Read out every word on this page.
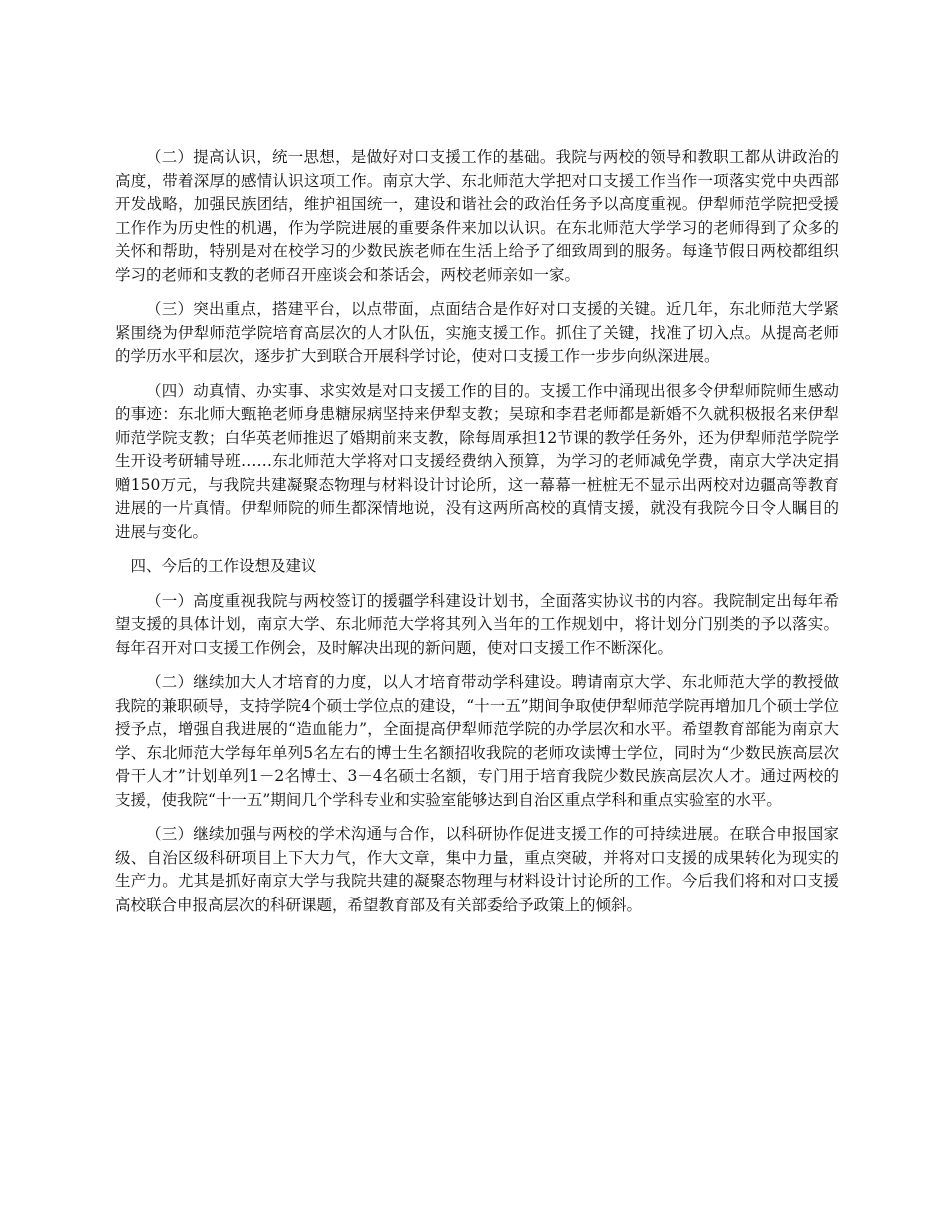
（二）提高认识，统一思想，是做好对口支援工作的基础。我院与两校的领导和教职工都从讲政治的高度，带着深厚的感情认识这项工作。南京大学、东北师范大学把对口支援工作当作一项落实党中央西部开发战略，加强民族团结，维护祖国统一，建设和谐社会的政治任务予以高度重视。伊犁师范学院把受援工作作为历史性的机遇，作为学院进展的重要条件来加以认识。在东北师范大学学习的老师得到了众多的关怀和帮助，特别是对在校学习的少数民族老师在生活上给予了细致周到的服务。每逢节假日两校都组织学习的老师和支教的老师召开座谈会和茶话会，两校老师亲如一家。

（三）突出重点，搭建平台，以点带面，点面结合是作好对口支援的关键。近几年，东北师范大学紧紧围绕为伊犁师范学院培育高层次的人才队伍，实施支援工作。抓住了关键，找准了切入点。从提高老师的学历水平和层次，逐步扩大到联合开展科学讨论，使对口支援工作一步步向纵深进展。

（四）动真情、办实事、求实效是对口支援工作的目的。支援工作中涌现出很多令伊犁师院师生感动的事迹：东北师大甄艳老师身患糖尿病坚持来伊犁支教；吴琼和李君老师都是新婚不久就积极报名来伊犁师范学院支教；白华英老师推迟了婚期前来支教，除每周承担12节课的教学任务外，还为伊犁师范学院学生开设考研辅导班……东北师范大学将对口支援经费纳入预算，为学习的老师减免学费，南京大学决定捐赠150万元，与我院共建凝聚态物理与材料设计讨论所，这一幕幕一桩桩无不显示出两校对边疆高等教育进展的一片真情。伊犁师院的师生都深情地说，没有这两所高校的真情支援，就没有我院今日令人瞩目的进展与变化。

四、今后的工作设想及建议

（一）高度重视我院与两校签订的援疆学科建设计划书，全面落实协议书的内容。我院制定出每年希望支援的具体计划，南京大学、东北师范大学将其列入当年的工作规划中，将计划分门别类的予以落实。每年召开对口支援工作例会，及时解决出现的新问题，使对口支援工作不断深化。

（二）继续加大人才培育的力度，以人才培育带动学科建设。聘请南京大学、东北师范大学的教授做我院的兼职硕导，支持学院4个硕士学位点的建设，“十一五”期间争取使伊犁师范学院再增加几个硕士学位授予点，增强自我进展的“造血能力”，全面提高伊犁师范学院的办学层次和水平。希望教育部能为南京大学、东北师范大学每年单列5名左右的博士生名额招收我院的老师攻读博士学位，同时为“少数民族高层次骨干人才”计划单列1－2名博士、3－4名硕士名额，专门用于培育我院少数民族高层次人才。通过两校的支援，使我院“十一五”期间几个学科专业和实验室能够达到自治区重点学科和重点实验室的水平。

（三）继续加强与两校的学术沟通与合作，以科研协作促进支援工作的可持续进展。在联合申报国家级、自治区级科研项目上下大力气，作大文章，集中力量，重点突破，并将对口支援的成果转化为现实的生产力。尤其是抓好南京大学与我院共建的凝聚态物理与材料设计讨论所的工作。今后我们将和对口支援高校联合申报高层次的科研课题，希望教育部及有关部委给予政策上的倾斜。
